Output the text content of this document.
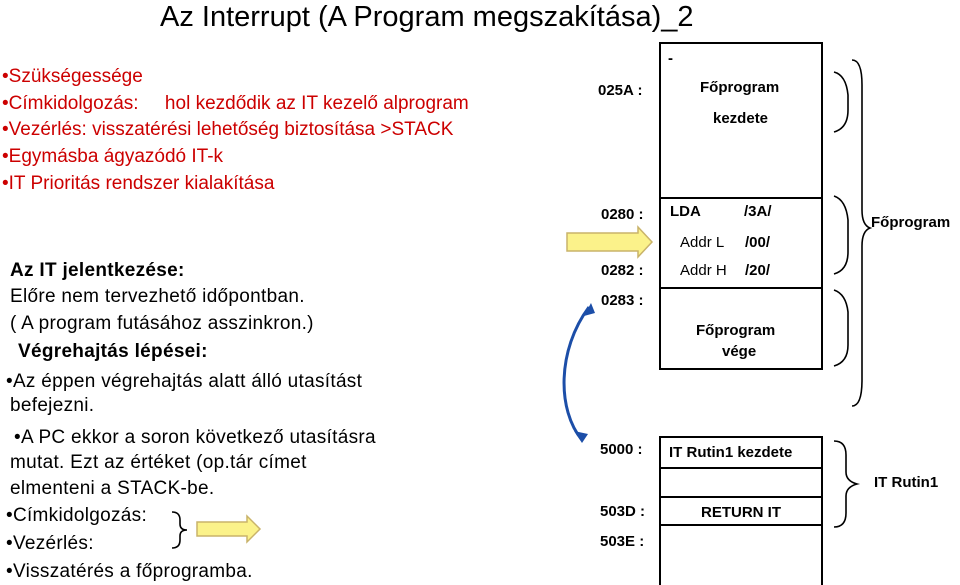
Az Interrupt (A Program megszakítása)_2
• Szükségessége
• Címkidolgozás:     hol kezdődik az IT kezelő alprogram
• Vezérlés: visszatérési lehetőség biztosítása >STACK
• Egymásba ágyazódó IT-k
• IT Prioritás rendszer kialakítása
Az IT jelentkezése:
Előre nem tervezhető időpontban.
( A program futásához asszinkron.)
Végrehajtás lépései:
• Az éppen végrehajtás alatt álló utasítást
befejezni.
• A PC ekkor a soron következő utasításra
mutat. Ezt az értéket (op.tár címet
elmenteni a STACK-be.
• Címkidolgozás:
• Vezérlés:
• Visszatérés a főprogramba.
025A :
0280 :
0282 :
0283 :
5000 :
503D :
503E :
-
Főprogram
kezdete
LDA	/3A/
Addr L /00/
Addr H /20/
Főprogram
vége
IT Rutin1 kezdete
RETURN IT
Főprogram
IT Rutin1
